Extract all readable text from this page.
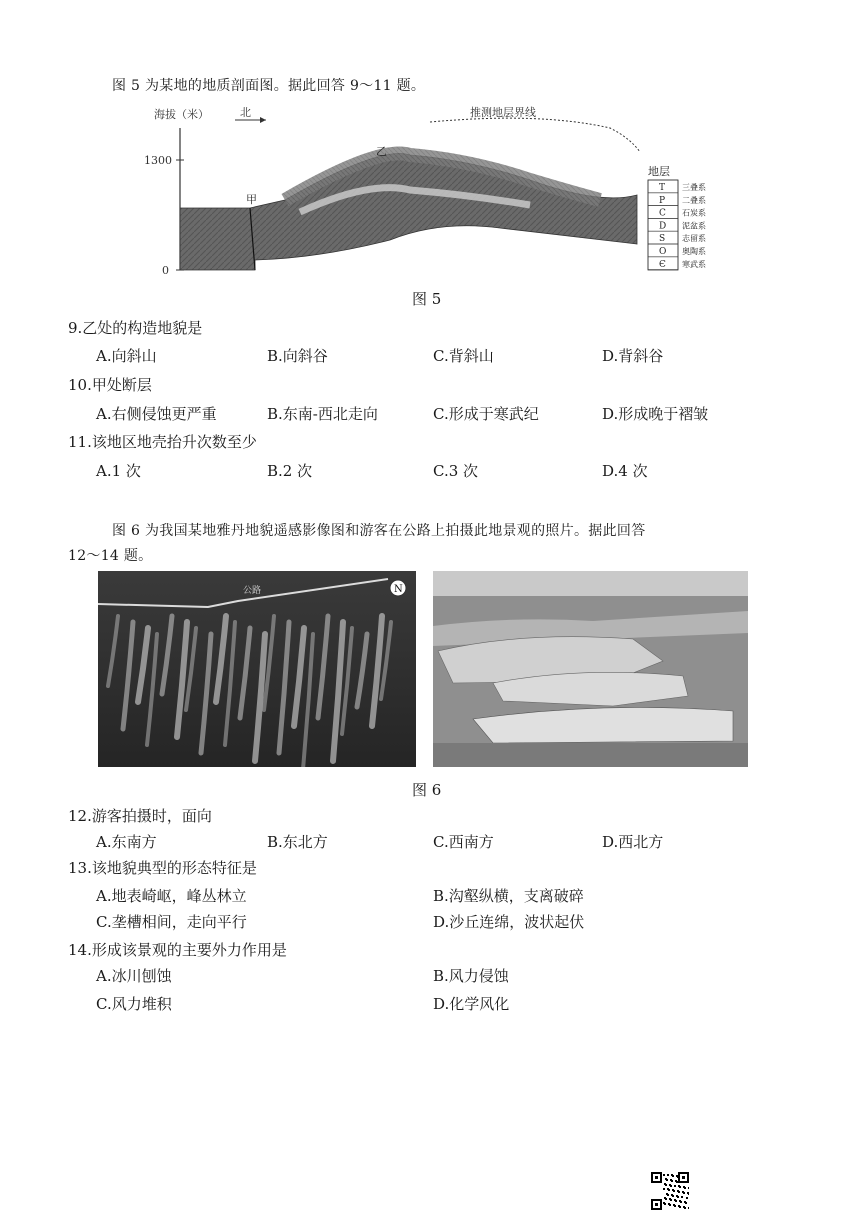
图 5 为某地的地质剖面图。据此回答 9～11 题。
海拔（米）
1300
0
北	推测地层界线
甲
乙
地层
T 三叠系
P 二叠系
C 石炭系
D 泥盆系
S 志留系
O 奥陶系
Є 寒武系
图 5
9.乙处的构造地貌是
A.向斜山	B.向斜谷	C.背斜山	D.背斜谷
10.甲处断层
A.右侧侵蚀更严重	B.东南-西北走向	C.形成于寒武纪	D.形成晚于褶皱
11.该地区地壳抬升次数至少
A.1 次	B.2 次	C.3 次	D.4 次
图 6 为我国某地雅丹地貌遥感影像图和游客在公路上拍摄此地景观的照片。据此回答
12～14 题。
公路	N
图 6
12.游客拍摄时，面向
A.东南方	B.东北方	C.西南方	D.西北方
13.该地貌典型的形态特征是
A.地表崎岖，峰丛林立	B.沟壑纵横，支离破碎
C.垄槽相间，走向平行	D.沙丘连绵，波状起伏
14.形成该景观的主要外力作用是
A.冰川刨蚀	B.风力侵蚀
C.风力堆积	D.化学风化
